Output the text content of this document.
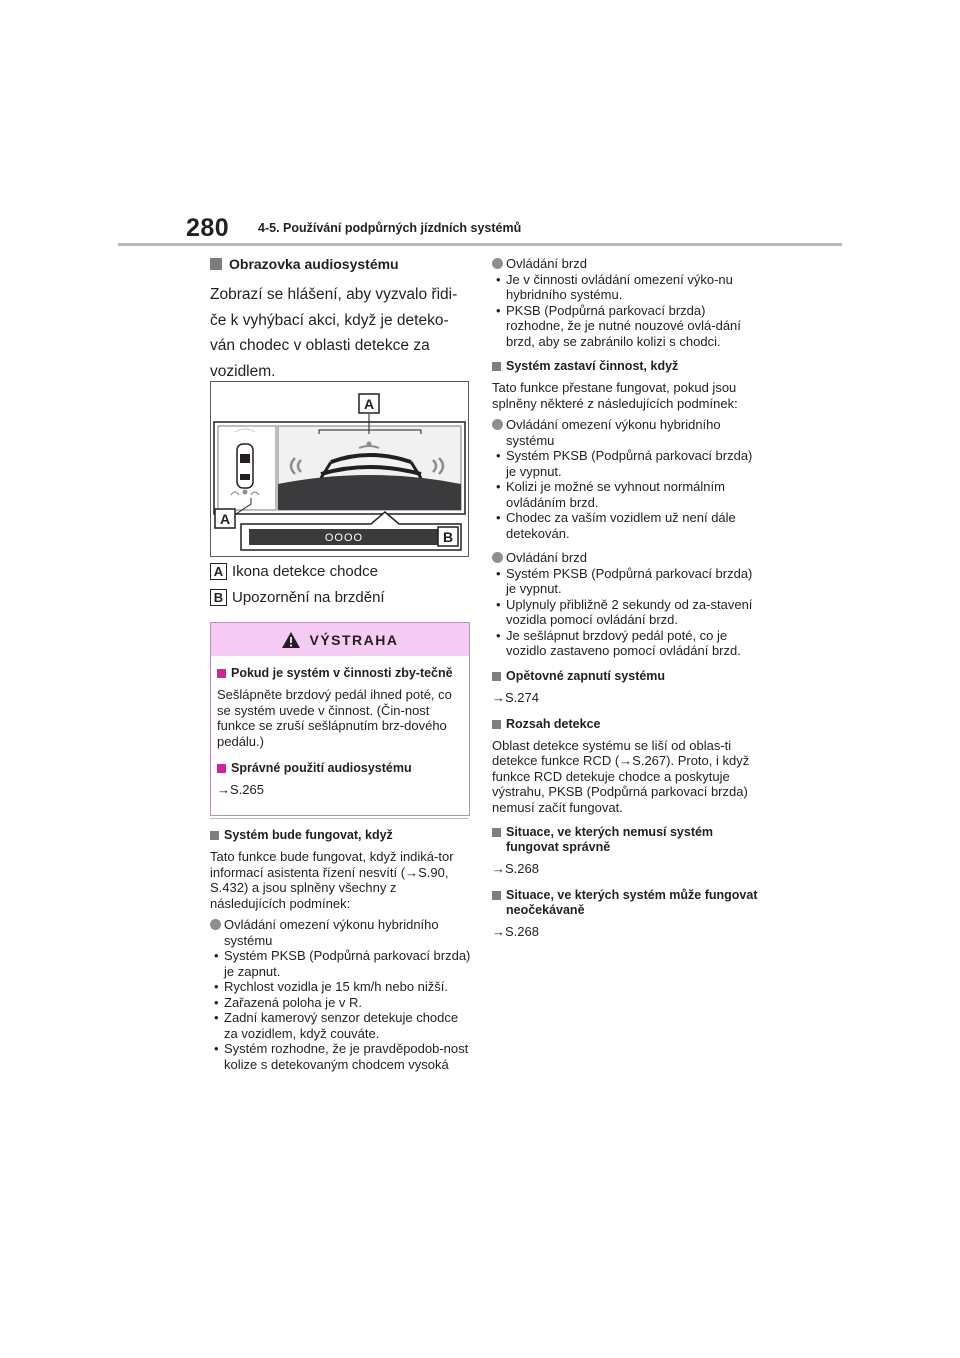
280 4-5. Používání podpůrných jízdních systémů
Obrazovka audiosystému

Zobrazí se hlášení, aby vyzvalo řidi-če k vyhýbací akci, když je deteko-ván chodec v oblasti detekce za vozidlem.

OOOO
A
A
B

A Ikona detekce chodce

B Upozornění na brzdění

VÝSTRAHA
Pokud je systém v činnosti zby-tečně

Sešlápněte brzdový pedál ihned poté, co se systém uvede v činnost. (Čin-nost funkce se zruší sešlápnutím brz-dového pedálu.)

Správné použití audiosystému

→S.265

Systém bude fungovat, když

Tato funkce bude fungovat, když indiká-tor informací asistenta řízení nesvítí (→S.90, S.432) a jsou splněny všechny z následujících podmínek:

Ovládání omezení výkonu hybridního systému
• Systém PKSB (Podpůrná parkovací brzda) je zapnut.
• Rychlost vozidla je 15 km/h nebo nižší.
• Zařazená poloha je v R.
• Zadní kamerový senzor detekuje chodce za vozidlem, když couváte.
• Systém rozhodne, že je pravděpodob-nost kolize s detekovaným chodcem vysoká
Ovládání brzd
• Je v činnosti ovládání omezení výko-nu hybridního systému.
• PKSB (Podpůrná parkovací brzda) rozhodne, že je nutné nouzové ovlá-dání brzd, aby se zabránilo kolizi s chodci.
Systém zastaví činnost, když

Tato funkce přestane fungovat, pokud jsou splněny některé z následujících podmínek:

Ovládání omezení výkonu hybridního systému
• Systém PKSB (Podpůrná parkovací brzda) je vypnut.
• Kolizi je možné se vyhnout normálním ovládáním brzd.
• Chodec za vaším vozidlem už není dále detekován.
Ovládání brzd
• Systém PKSB (Podpůrná parkovací brzda) je vypnut.
• Uplynuly přibližně 2 sekundy od za-stavení vozidla pomocí ovládání brzd.
• Je sešlápnut brzdový pedál poté, co je vozidlo zastaveno pomocí ovládání brzd.
Opětovné zapnutí systému

→S.274

Rozsah detekce

Oblast detekce systému se liší od oblas-ti detekce funkce RCD (→S.267). Proto, i když funkce RCD detekuje chodce a poskytuje výstrahu, PKSB (Podpůrná parkovací brzda) nemusí začít fungovat.

Situace, ve kterých nemusí systém fungovat správně

→S.268

Situace, ve kterých systém může fungovat neočekávaně

→S.268
